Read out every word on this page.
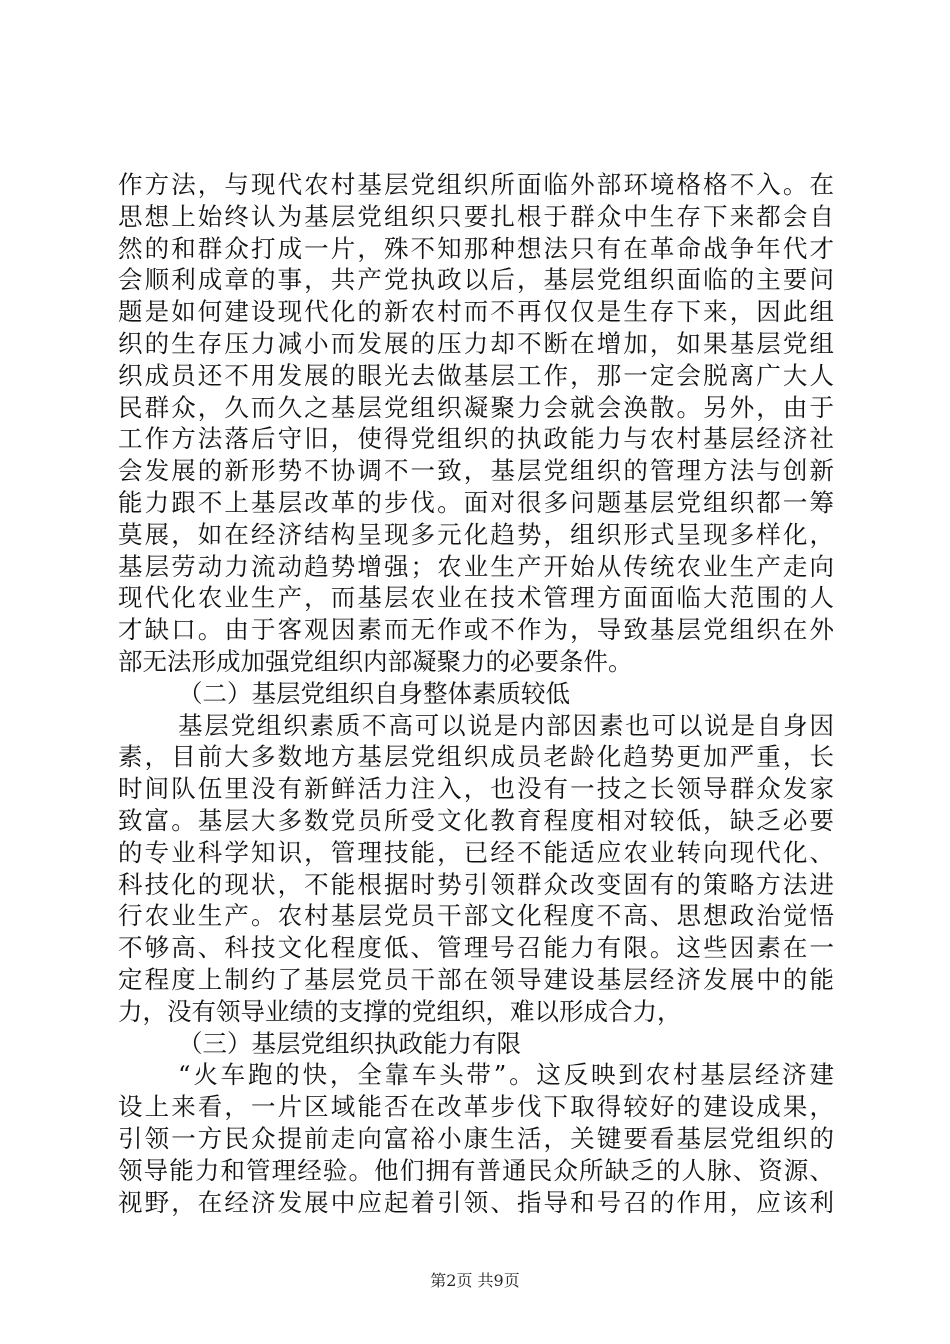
作方法，与现代农村基层党组织所面临外部环境格格不入。在
思想上始终认为基层党组织只要扎根于群众中生存下来都会自
然的和群众打成一片，殊不知那种想法只有在革命战争年代才
会顺利成章的事，共产党执政以后，基层党组织面临的主要问
题是如何建设现代化的新农村而不再仅仅是生存下来，因此组
织的生存压力减小而发展的压力却不断在增加，如果基层党组
织成员还不用发展的眼光去做基层工作，那一定会脱离广大人
民群众，久而久之基层党组织凝聚力会就会涣散。另外，由于
工作方法落后守旧，使得党组织的执政能力与农村基层经济社
会发展的新形势不协调不一致，基层党组织的管理方法与创新
能力跟不上基层改革的步伐。面对很多问题基层党组织都一筹
莫展，如在经济结构呈现多元化趋势，组织形式呈现多样化，
基层劳动力流动趋势增强；农业生产开始从传统农业生产走向
现代化农业生产，而基层农业在技术管理方面面临大范围的人
才缺口。由于客观因素而无作或不作为，导致基层党组织在外
部无法形成加强党组织内部凝聚力的必要条件。
（二）基层党组织自身整体素质较低
基层党组织素质不高可以说是内部因素也可以说是自身因
素，目前大多数地方基层党组织成员老龄化趋势更加严重，长
时间队伍里没有新鲜活力注入，也没有一技之长领导群众发家
致富。基层大多数党员所受文化教育程度相对较低，缺乏必要
的专业科学知识，管理技能，已经不能适应农业转向现代化、
科技化的现状，不能根据时势引领群众改变固有的策略方法进
行农业生产。农村基层党员干部文化程度不高、思想政治觉悟
不够高、科技文化程度低、管理号召能力有限。这些因素在一
定程度上制约了基层党员干部在领导建设基层经济发展中的能
力，没有领导业绩的支撑的党组织，难以形成合力，
（三）基层党组织执政能力有限
“火车跑的快，全靠车头带”。这反映到农村基层经济建
设上来看，一片区域能否在改革步伐下取得较好的建设成果，
引领一方民众提前走向富裕小康生活，关键要看基层党组织的
领导能力和管理经验。他们拥有普通民众所缺乏的人脉、资源、
视野，在经济发展中应起着引领、指导和号召的作用，应该利
第2页 共9页
